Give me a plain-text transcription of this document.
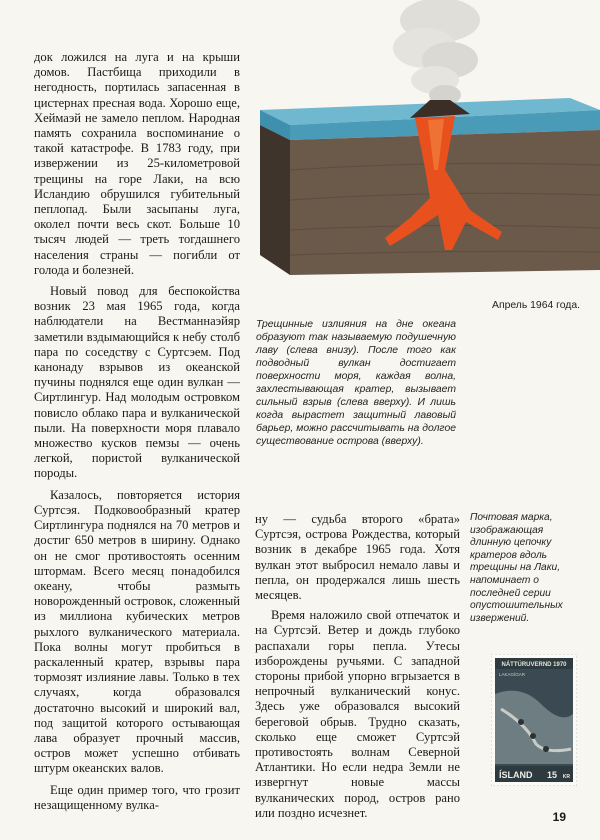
док ложился на луга и на крыши домов. Пастбища приходили в негодность, портилась запасенная в цистернах пресная вода. Хорошо еще, Хеймаэй не замело пеплом. Народная память сохранила воспоминание о такой катастрофе. В 1783 году, при извержении из 25-километровой трещины на горе Лаки, на всю Исландию обрушился губительный пеплопад. Были засыпаны луга, околел почти весь скот. Больше 10 тысяч людей — треть тогдашнего населения страны — погибли от голода и болезней.

Новый повод для беспокойства возник 23 мая 1965 года, когда наблюдатели на Вестманнаэйяр заметили вздымающийся к небу столб пара по соседству с Суртсэем. Под канонаду взрывов из океанской пучины поднялся еще один вулкан — Сиртлингур. Над молодым островком повисло облако пара и вулканической пыли. На поверхности моря плавало множество кусков пемзы — очень легкой, пористой вулканической породы.

Казалось, повторяется история Суртсэя. Подковообразный кратер Сиртлингура поднялся на 70 метров и достиг 650 метров в ширину. Однако он не смог противостоять осенним штормам. Всего месяц понадобился океану, чтобы размыть новорожденный островок, сложенный из миллиона кубических метров рыхлого вулканического материала. Пока волны могут пробиться в раскаленный кратер, взрывы пара тормозят излияние лавы. Только в тех случаях, когда образовался достаточно высокий и широкий вал, под защитой которого остывающая лава образует прочный массив, остров может успешно отбивать штурм океанских валов.

Еще один пример того, что грозит незащищенному вулка-

Апрель 1964 года.
Трещинные излияния на дне океана образуют так называемую подушечную лаву (слева внизу). После того как подводный вулкан достигает поверхности моря, каждая волна, захлестывающая кратер, вызывает сильный взрыв (слева вверху). И лишь когда вырастет защитный лавовый барьер, можно рассчитывать на долгое существование острова (вверху).

ну — судьба второго «брата» Суртсэя, острова Рождества, который возник в декабре 1965 года. Хотя вулкан этот выбросил немало лавы и пепла, он продержался лишь шесть месяцев.

Время наложило свой отпечаток и на Суртсэй. Ветер и дождь глубоко распахали горы пепла. Утесы изборождены ручьями. С западной стороны прибой упорно вгрызается в непрочный вулканический конус. Здесь уже образовался высокий береговой обрыв. Трудно сказать, сколько еще сможет Суртсэй противостоять волнам Северной Атлантики. Но если недра Земли не извергнут новые массы вулканических пород, остров рано или поздно исчезнет.

Почтовая марка, изображающая длинную цепочку кратеров вдоль трещины на Лаки, напоминает о последней серии опустошительных извержений.
NÁTTÚRUVERND 1970
LAKAGÍGAR
ÍSLAND 15 KR
19
